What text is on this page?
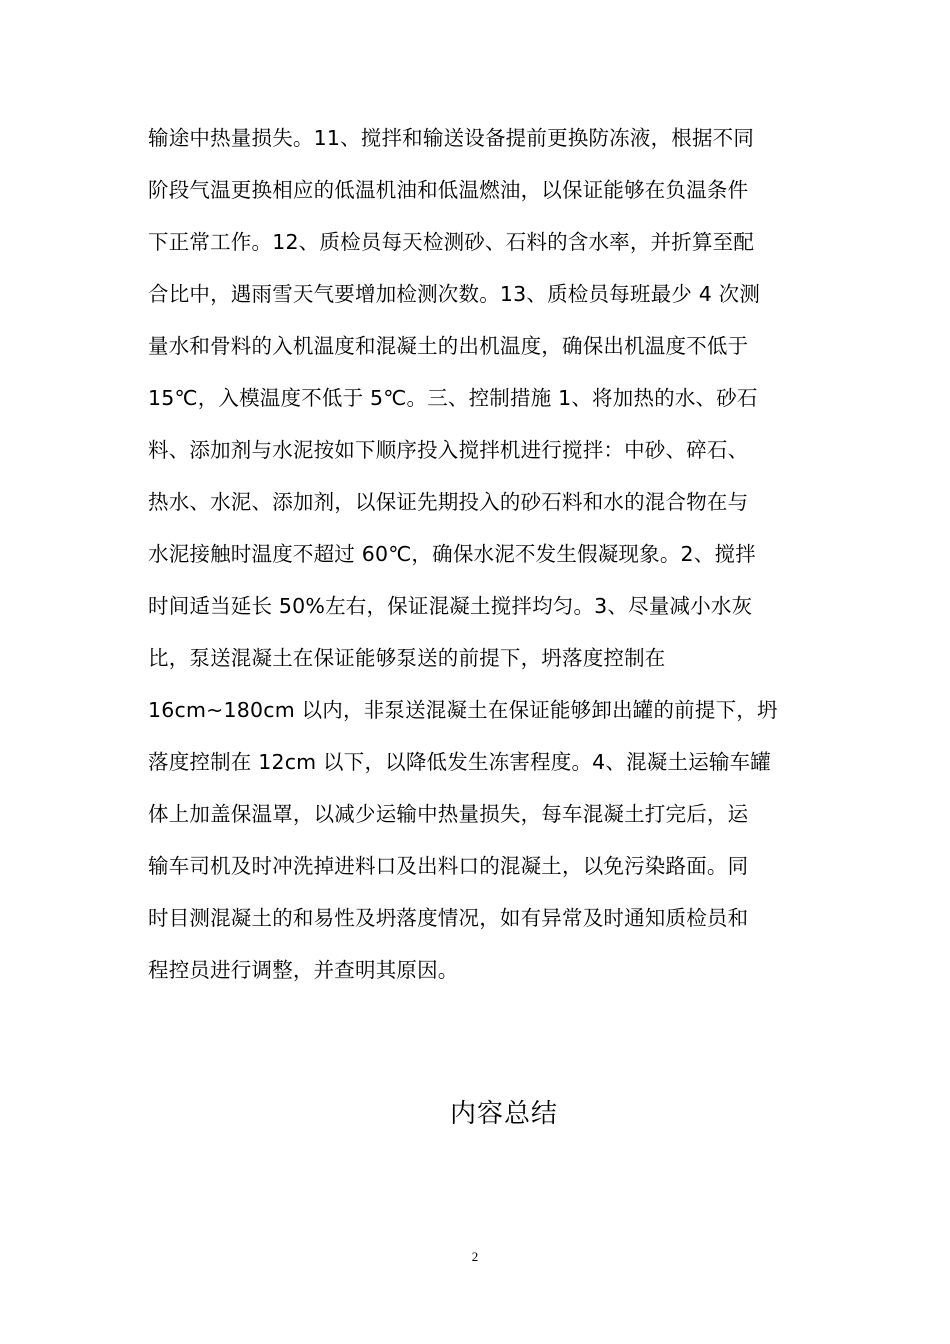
输途中热量损失。11、搅拌和输送设备提前更换防冻液，根据不同
阶段气温更换相应的低温机油和低温燃油，以保证能够在负温条件
下正常工作。12、质检员每天检测砂、石料的含水率，并折算至配
合比中，遇雨雪天气要增加检测次数。13、质检员每班最少 4 次测
量水和骨料的入机温度和混凝土的出机温度，确保出机温度不低于
15℃，入模温度不低于 5℃。三、控制措施 1、将加热的水、砂石
料、添加剂与水泥按如下顺序投入搅拌机进行搅拌：中砂、碎石、
热水、水泥、添加剂，以保证先期投入的砂石料和水的混合物在与
水泥接触时温度不超过 60℃，确保水泥不发生假凝现象。2、搅拌
时间适当延长 50%左右，保证混凝土搅拌均匀。3、尽量减小水灰
比，泵送混凝土在保证能够泵送的前提下，坍落度控制在
16cm~180cm 以内，非泵送混凝土在保证能够卸出罐的前提下，坍
落度控制在 12cm 以下，以降低发生冻害程度。4、混凝土运输车罐
体上加盖保温罩，以减少运输中热量损失，每车混凝土打完后，运
输车司机及时冲洗掉进料口及出料口的混凝土，以免污染路面。同
时目测混凝土的和易性及坍落度情况，如有异常及时通知质检员和
程控员进行调整，并查明其原因。
内容总结
2
